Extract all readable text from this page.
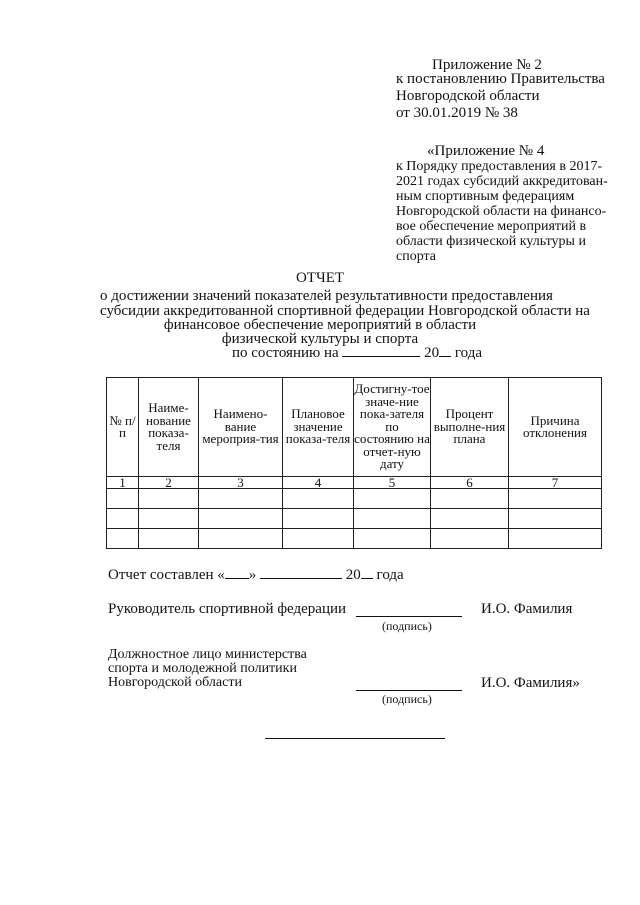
Приложение № 2
к постановлению Правительства
Новгородской области
от 30.01.2019 № 38
«Приложение № 4
к Порядку предоставления в 2017-
2021 годах субсидий аккредитован-
ным спортивным федерациям
Новгородской области на финансо-
вое обеспечение мероприятий в
области физической культуры и
спорта
ОТЧЕТ
о достижении значений показателей результативности предоставления
субсидии аккредитованной спортивной федерации Новгородской области на
финансовое обеспечение мероприятий в области
физической культуры и спорта
по состоянию на	20 года
№ п/п	Наиме-нование показа-теля	Наимено-вание мероприя-тия	Плановое значение показа-теля	Достигну-тое значе-ние пока-зателя по состоянию на отчет-ную дату	Процент выполне-ния плана	Причина отклонения
1	2	3	4	5	6	7

Отчет составлен « »	20 года
Руководитель спортивной федерации	И.О. Фамилия
(подпись)
Должностное лицо министерства
спорта и молодежной политики
Новгородской области	И.О. Фамилия»
(подпись)
